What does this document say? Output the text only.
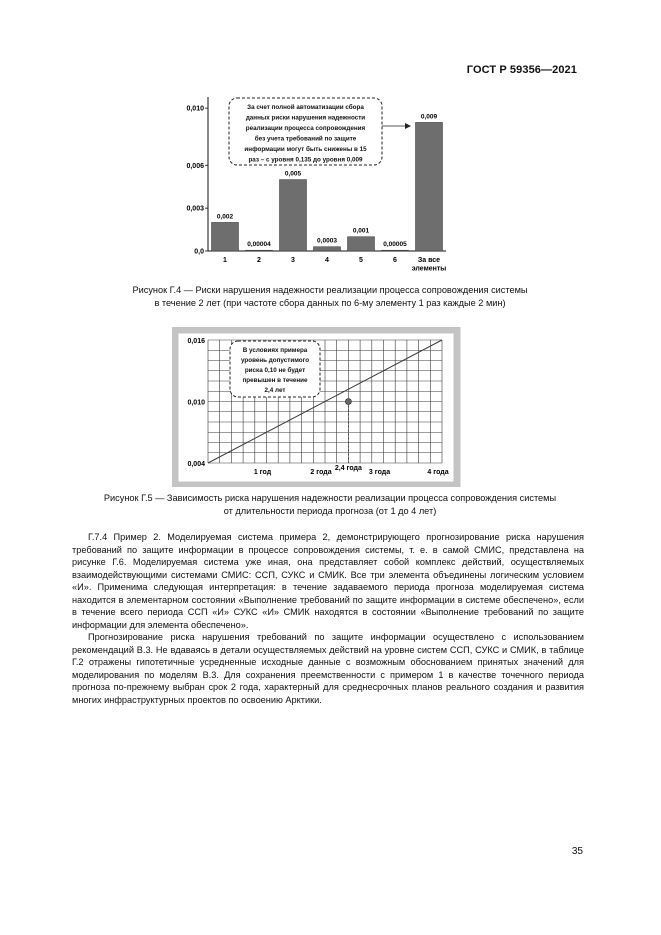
ГОСТ Р 59356—2021
0,0
0,003
0,006
0,010
0,002
1
0,00004
2
0,005
3
0,0003
4
0,001
5
0,00005
6
0,009
За все элементы
За счет полной автоматизации сбора данных риски нарушения надежности реализации процесса сопровождения без учета требований по защите информации могут быть снижены в 15 раз – с уровня 0,135 до уровня 0,009
Рисунок Г.4 — Риски нарушения надежности реализации процесса сопровождения системы
в течение 2 лет (при частоте сбора данных по 6-му элементу 1 раз каждые 2 мин)
0,004
0,010
0,016
1 год	2 года	3 года	4 года
2,4 года
В условиях примера уровень допустимого риска 0,10 не будет превышен в течение 2,4 лет
Рисунок Г.5 — Зависимость риска нарушения надежности реализации процесса сопровождения системы
от длительности периода прогноза (от 1 до 4 лет)

Г.7.4 Пример 2. Моделируемая система примера 2, демонстрирующего прогнозирование риска нарушения требований по защите информации в процессе сопровождения системы, т. е. в самой СМИС, представлена на рисунке Г.6. Моделируемая система уже иная, она представляет собой комплекс действий, осуществляемых взаимодействующими системами СМИС: ССП, СУКС и СМИК. Все три элемента объединены логическим условием «И». Применима следующая интерпретация: в течение задаваемого периода прогноза моделируемая система находится в элементарном состоянии «Выполнение требований по защите информации в системе обеспечено», если в течение всего периода ССП «И» СУКС «И» СМИК находятся в состоянии «Выполнение требований по защите информации для элемента обеспечено».

Прогнозирование риска нарушения требований по защите информации осуществлено с использованием рекомендаций В.3. Не вдаваясь в детали осуществляемых действий на уровне систем ССП, СУКС и СМИК, в таблице Г.2 отражены гипотетичные усредненные исходные данные с возможным обоснованием принятых значений для моделирования по моделям В.3. Для сохранения преемственности с примером 1 в качестве точечного периода прогноза по-прежнему выбран срок 2 года, характерный для среднесрочных планов реального создания и развития многих инфраструктурных проектов по освоению Арктики.

35
